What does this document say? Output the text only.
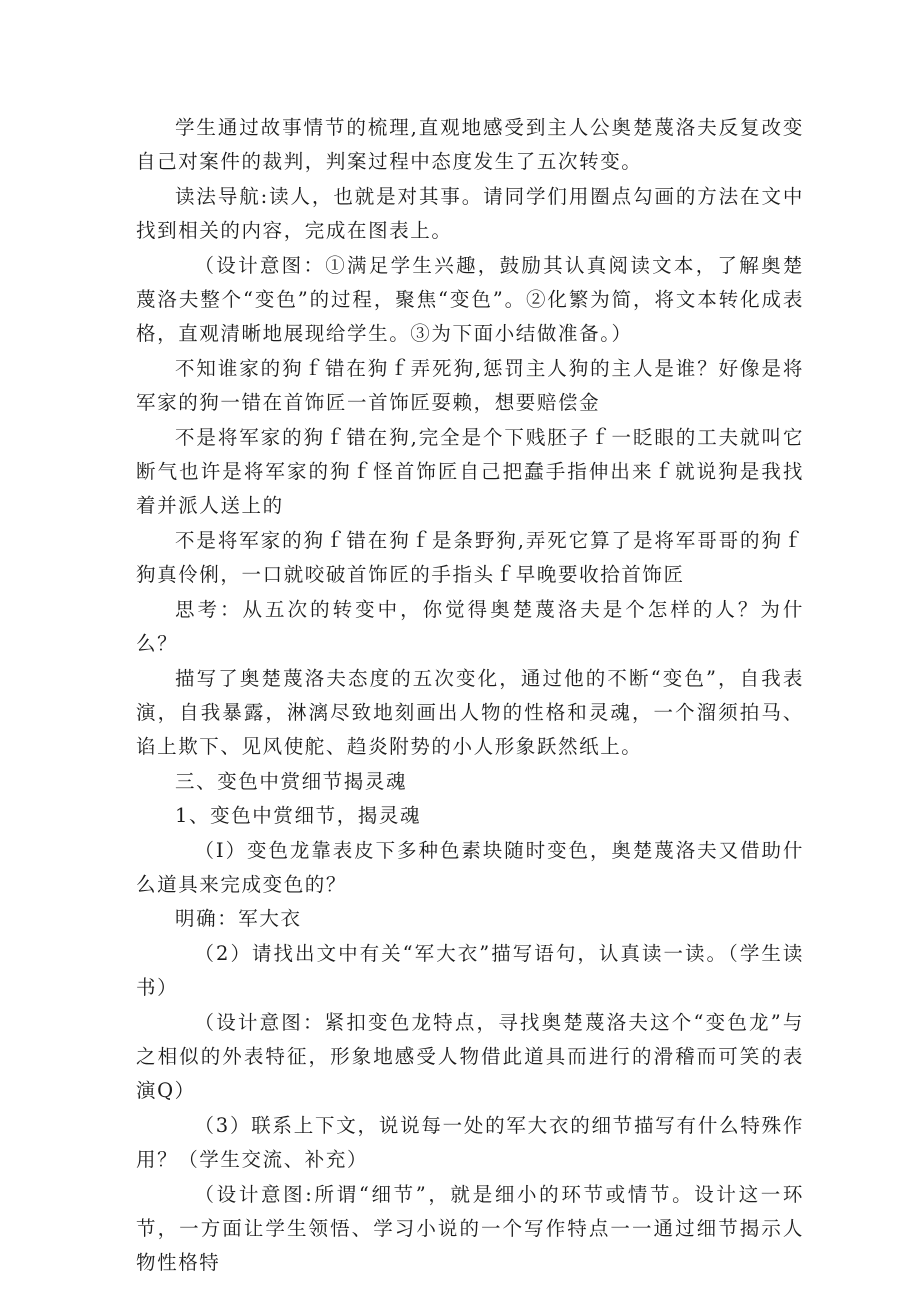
学生通过故事情节的梳理,直观地感受到主人公奥楚蔑洛夫反复改变自己对案件的裁判，判案过程中态度发生了五次转变。

读法导航:读人，也就是对其事。请同学们用圈点勾画的方法在文中找到相关的内容，完成在图表上。

（设计意图：①满足学生兴趣，鼓励其认真阅读文本，了解奥楚蔑洛夫整个“变色”的过程，聚焦“变色”。②化繁为简，将文本转化成表格，直观清晰地展现给学生。③为下面小结做准备。）

不知谁家的狗ｆ错在狗ｆ弄死狗,惩罚主人狗的主人是谁？好像是将军家的狗一错在首饰匠一首饰匠耍赖，想要赔偿金

不是将军家的狗ｆ错在狗,完全是个下贱胚子ｆ一眨眼的工夫就叫它断气也许是将军家的狗ｆ怪首饰匠自己把蠢手指伸出来ｆ就说狗是我找着并派人送上的

不是将军家的狗ｆ错在狗ｆ是条野狗,弄死它算了是将军哥哥的狗ｆ狗真伶俐，一口就咬破首饰匠的手指头ｆ早晚要收拾首饰匠

思考：从五次的转变中，你觉得奥楚蔑洛夫是个怎样的人？为什么？

描写了奥楚蔑洛夫态度的五次变化，通过他的不断“变色”，自我表演，自我暴露，淋漓尽致地刻画出人物的性格和灵魂，一个溜须拍马、谄上欺下、见风使舵、趋炎附势的小人形象跃然纸上。

三、变色中赏细节揭灵魂

1、变色中赏细节，揭灵魂

（I）变色龙靠表皮下多种色素块随时变色，奥楚蔑洛夫又借助什么道具来完成变色的？

明确：军大衣

（2）请找出文中有关“军大衣”描写语句，认真读一读。（学生读书）

（设计意图：紧扣变色龙特点，寻找奥楚蔑洛夫这个“变色龙”与之相似的外表特征，形象地感受人物借此道具而进行的滑稽而可笑的表演Q）

（3）联系上下文，说说每一处的军大衣的细节描写有什么特殊作用？（学生交流、补充）

（设计意图:所谓“细节”，就是细小的环节或情节。设计这一环节，一方面让学生领悟、学习小说的一个写作特点一一通过细节揭示人物性格特
